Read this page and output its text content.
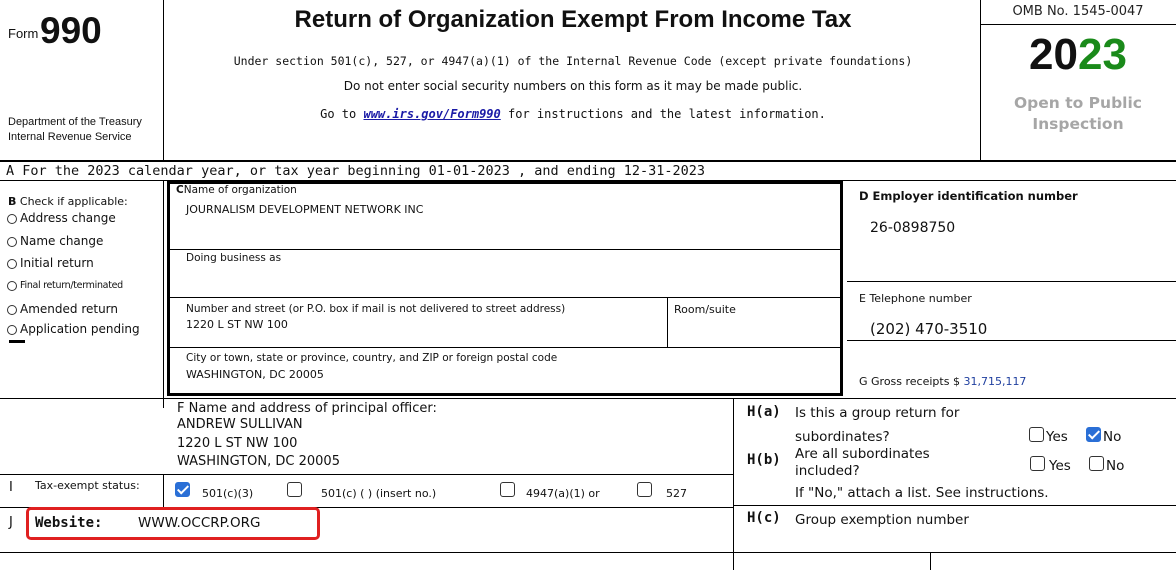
Form 990
Department of the Treasury
Internal Revenue Service
Return of Organization Exempt From Income Tax
Under section 501(c), 527, or 4947(a)(1) of the Internal Revenue Code (except private foundations)
Do not enter social security numbers on this form as it may be made public.
Go to www.irs.gov/Form990 for instructions and the latest information.
OMB No. 1545-0047
2023
Open to Public
Inspection
A For the 2023 calendar year, or tax year beginning 01-01-2023 , and ending 12-31-2023
B Check if applicable:
Address change
Name change
Initial return
Final return/terminated
Amended return
Application pending
CName of organization
JOURNALISM DEVELOPMENT NETWORK INC
Doing business as
Number and street (or P.O. box if mail is not delivered to street address)	Room/suite
1220 L ST NW 100
City or town, state or province, country, and ZIP or foreign postal code
WASHINGTON, DC 20005
D Employer identification number
26-0898750
E Telephone number
(202) 470-3510
G Gross receipts $ 31,715,117
F Name and address of principal officer:
ANDREW SULLIVAN
1220 L ST NW 100
WASHINGTON, DC 20005
H(a) Is this a group return for
subordinates?	Yes	No
H(b) Are all subordinates
included?	Yes	No
If "No," attach a list. See instructions.
H(c) Group exemption number
I Tax-exempt status:
501(c)(3)	501(c) ( ) (insert no.)	4947(a)(1) or	527
J Website:	WWW.OCCRP.ORG
